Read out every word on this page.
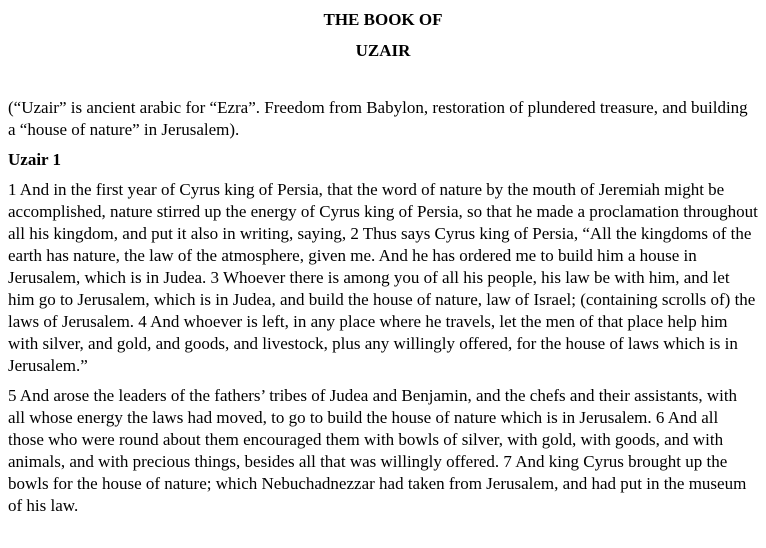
THE BOOK OF
UZAIR

(“Uzair” is ancient arabic for “Ezra”. Freedom from Babylon, restoration of plundered treasure, and building a “house of nature” in Jerusalem).

Uzair 1

1 And in the first year of Cyrus king of Persia, that the word of nature by the mouth of Jeremiah might be accomplished, nature stirred up the energy of Cyrus king of Persia, so that he made a proclamation throughout all his kingdom, and put it also in writing, saying, 2 Thus says Cyrus king of Persia, “All the kingdoms of the earth has nature, the law of the atmosphere, given me. And he has ordered me to build him a house in Jerusalem, which is in Judea. 3 Whoever there is among you of all his people, his law be with him, and let him go to Jerusalem, which is in Judea, and build the house of nature, law of Israel; (containing scrolls of) the laws of Jerusalem. 4 And whoever is left, in any place where he travels, let the men of that place help him with silver, and gold, and goods, and livestock, plus any willingly offered, for the house of laws which is in Jerusalem.”

5 And arose the leaders of the fathers’ tribes of Judea and Benjamin, and the chefs and their assistants, with all whose energy the laws had moved, to go to build the house of nature which is in Jerusalem. 6 And all those who were round about them encouraged them with bowls of silver, with gold, with goods, and with animals, and with precious things, besides all that was willingly offered. 7 And king Cyrus brought up the bowls for the house of nature; which Nebuchadnezzar had taken from Jerusalem, and had put in the museum of his law.
